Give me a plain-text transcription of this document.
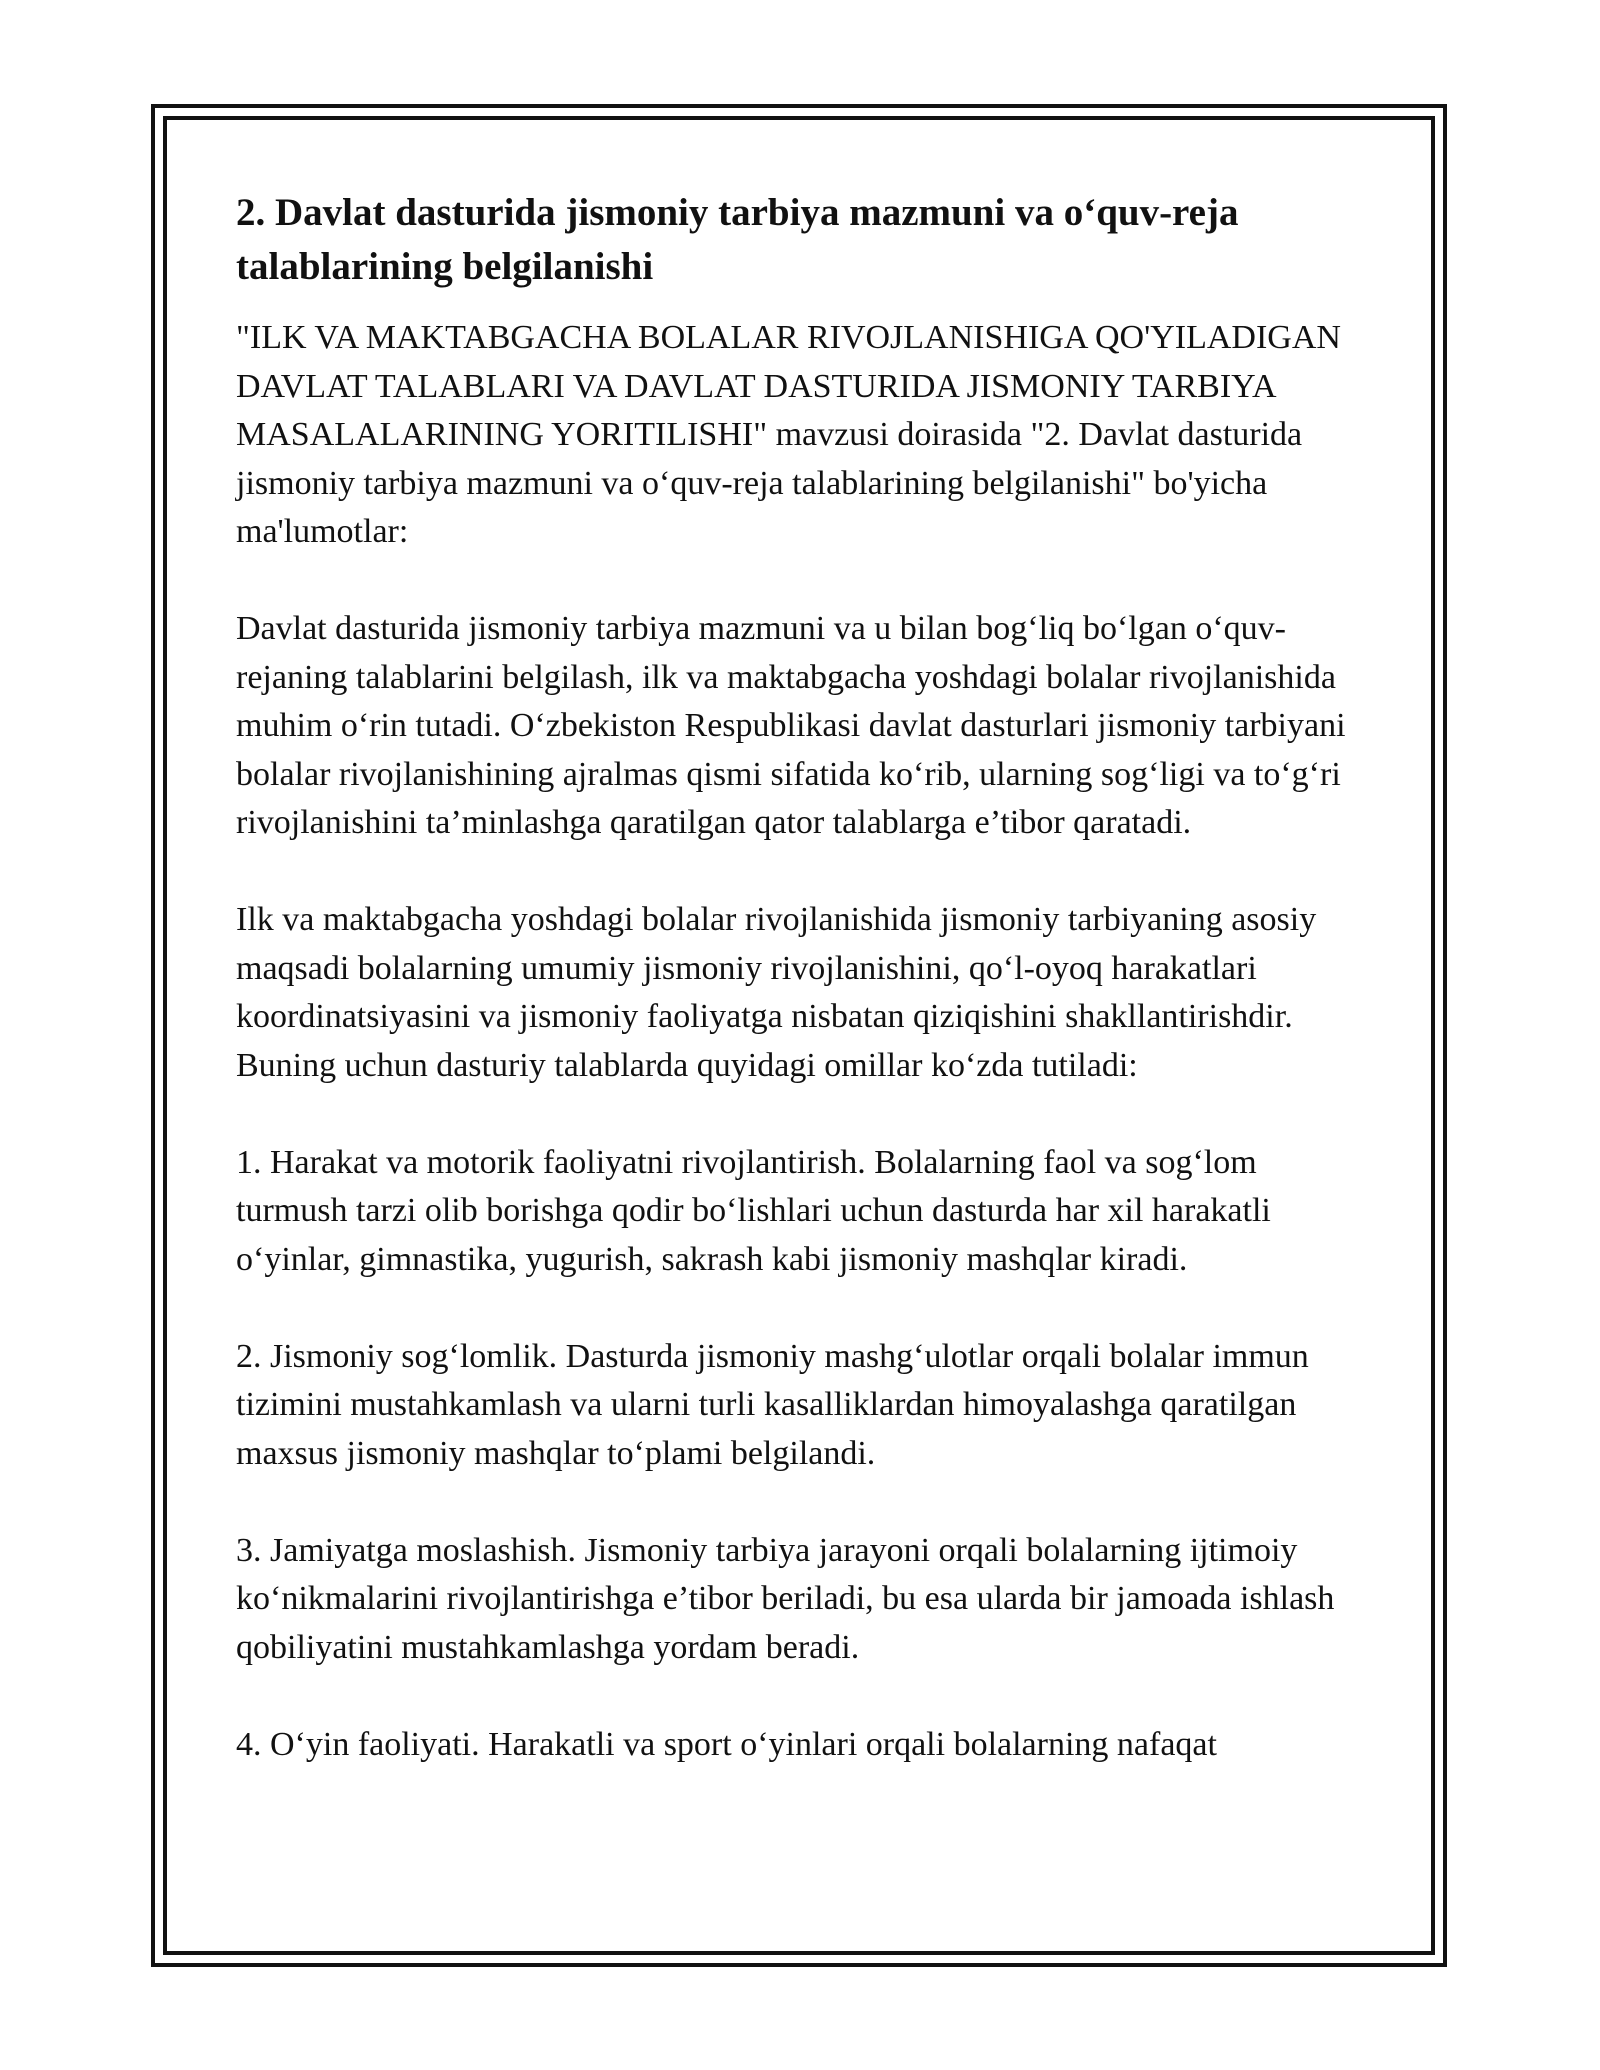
2. Davlat dasturida jismoniy tarbiya mazmuni va o‘quv-reja talablarining belgilanishi

"ILK VA MAKTABGACHA BOLALAR RIVOJLANISHIGA QO'YILADIGAN DAVLAT TALABLARI VA DAVLAT DASTURIDA JISMONIY TARBIYA MASALALARINING YORITILISHI" mavzusi doirasida "2. Davlat dasturida jismoniy tarbiya mazmuni va o‘quv-reja talablarining belgilanishi" bo'yicha ma'lumotlar:

Davlat dasturida jismoniy tarbiya mazmuni va u bilan bog‘liq bo‘lgan o‘quv-rejaning talablarini belgilash, ilk va maktabgacha yoshdagi bolalar rivojlanishida muhim o‘rin tutadi. O‘zbekiston Respublikasi davlat dasturlari jismoniy tarbiyani bolalar rivojlanishining ajralmas qismi sifatida ko‘rib, ularning sog‘ligi va to‘g‘ri rivojlanishini ta’minlashga qaratilgan qator talablarga e’tibor qaratadi.

Ilk va maktabgacha yoshdagi bolalar rivojlanishida jismoniy tarbiyaning asosiy maqsadi bolalarning umumiy jismoniy rivojlanishini, qo‘l-oyoq harakatlari koordinatsiyasini va jismoniy faoliyatga nisbatan qiziqishini shakllantirishdir. Buning uchun dasturiy talablarda quyidagi omillar ko‘zda tutiladi:

1. Harakat va motorik faoliyatni rivojlantirish. Bolalarning faol va sog‘lom turmush tarzi olib borishga qodir bo‘lishlari uchun dasturda har xil harakatli o‘yinlar, gimnastika, yugurish, sakrash kabi jismoniy mashqlar kiradi.

2. Jismoniy sog‘lomlik. Dasturda jismoniy mashg‘ulotlar orqali bolalar immun tizimini mustahkamlash va ularni turli kasalliklardan himoyalashga qaratilgan maxsus jismoniy mashqlar to‘plami belgilandi.

3. Jamiyatga moslashish. Jismoniy tarbiya jarayoni orqali bolalarning ijtimoiy ko‘nikmalarini rivojlantirishga e’tibor beriladi, bu esa ularda bir jamoada ishlash qobiliyatini mustahkamlashga yordam beradi.

4. O‘yin faoliyati. Harakatli va sport o‘yinlari orqali bolalarning nafaqat
